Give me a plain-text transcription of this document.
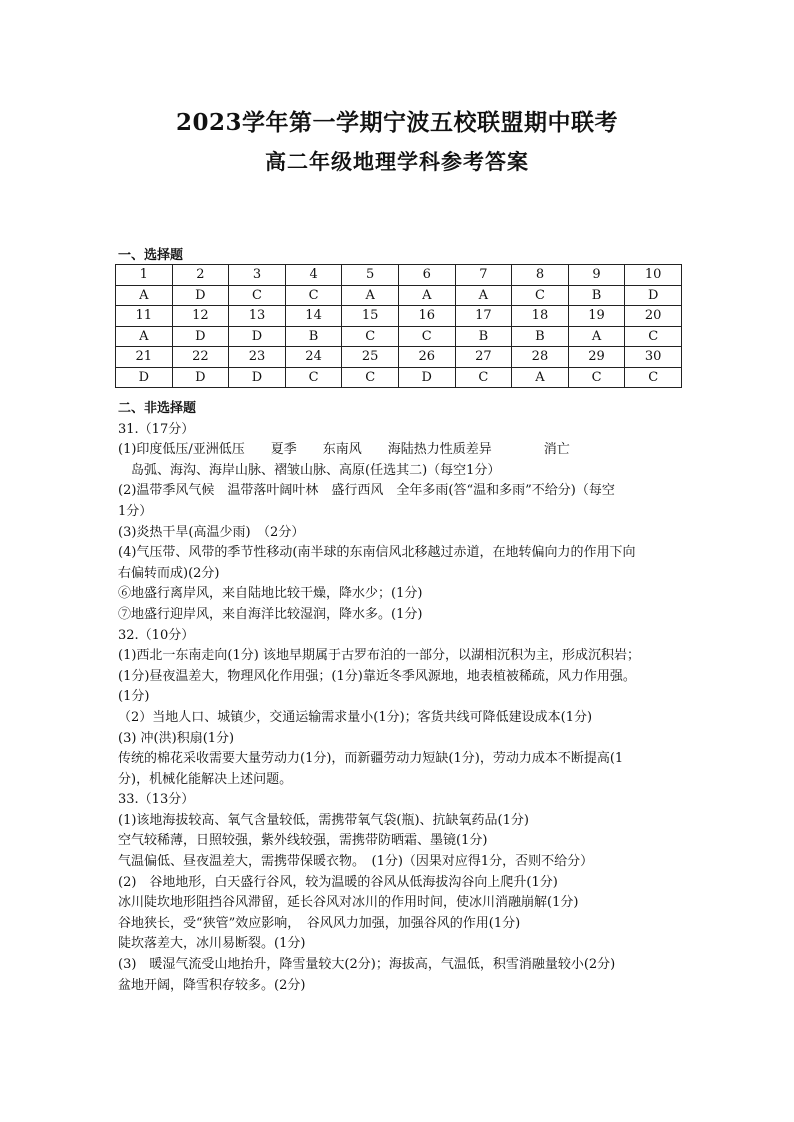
2023学年第一学期宁波五校联盟期中联考
高二年级地理学科参考答案
一、选择题
1	2	3	4	5	6	7	8	9	10
A	D	C	C	A	A	A	C	B	D
11	12	13	14	15	16	17	18	19	20
A	D	D	B	C	C	B	B	A	C
21	22	23	24	25	26	27	28	29	30
D	D	D	C	C	D	C	A	C	C
二、非选择题
31.（17分）
(1)印度低压/亚洲低压　　夏季　　东南风　　海陆热力性质差异　　　　消亡
　岛弧、海沟、海岸山脉、褶皱山脉、高原(任选其二)（每空1分）
(2)温带季风气候　温带落叶阔叶林　盛行西风　全年多雨(答“温和多雨”不给分)（每空
1分）
(3)炎热干旱(高温少雨)　（2分）
(4)气压带、风带的季节性移动(南半球的东南信风北移越过赤道，在地转偏向力的作用下向
右偏转而成)(2分)
⑥地盛行离岸风，来自陆地比较干燥，降水少；(1分)
⑦地盛行迎岸风，来自海洋比较湿润，降水多。(1分)
32.（10分）
(1)西北一东南走向(1分) 该地早期属于古罗布泊的一部分，以湖相沉积为主，形成沉积岩；
(1分)昼夜温差大，物理风化作用强；(1分)靠近冬季风源地，地表植被稀疏，风力作用强。
(1分)
（2）当地人口、城镇少，交通运输需求量小(1分)；客货共线可降低建设成本(1分)
(3) 冲(洪)积扇(1分)
传统的棉花采收需要大量劳动力(1分)，而新疆劳动力短缺(1分)，劳动力成本不断提高(1
分)，机械化能解决上述问题。
33.（13分）
(1)该地海拔较高、氧气含量较低，需携带氧气袋(瓶)、抗缺氧药品(1分)
空气较稀薄，日照较强，紫外线较强，需携带防晒霜、墨镜(1分)
气温偏低、昼夜温差大，需携带保暖衣物。　(1分)（因果对应得1分，否则不给分）
(2)　谷地地形，白天盛行谷风，较为温暖的谷风从低海拔沟谷向上爬升(1分)
冰川陡坎地形阻挡谷风滞留，延长谷风对冰川的作用时间，使冰川消融崩解(1分)
谷地狭长，受“狭管”效应影响，　谷风风力加强，加强谷风的作用(1分)
陡坎落差大，冰川易断裂。(1分)
(3)　暖湿气流受山地抬升，降雪量较大(2分)；海拔高，气温低，积雪消融量较小(2分)
盆地开阔，降雪积存较多。(2分)
